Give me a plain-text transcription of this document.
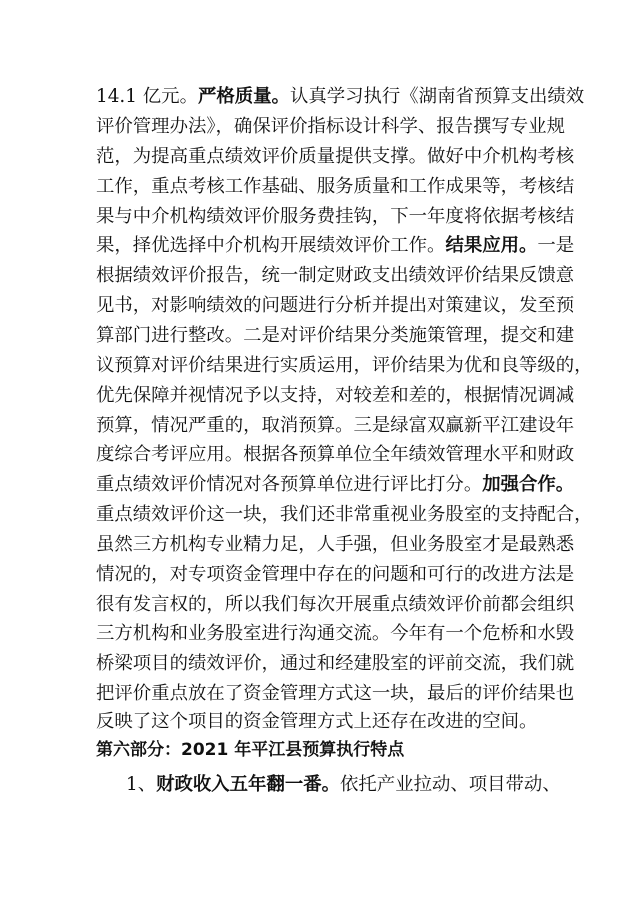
14.1 亿元。严格质量。认真学习执行《湖南省预算支出绩效
评价管理办法》，确保评价指标设计科学、报告撰写专业规
范，为提高重点绩效评价质量提供支撑。做好中介机构考核
工作，重点考核工作基础、服务质量和工作成果等，考核结
果与中介机构绩效评价服务费挂钩，下一年度将依据考核结
果，择优选择中介机构开展绩效评价工作。结果应用。一是
根据绩效评价报告，统一制定财政支出绩效评价结果反馈意
见书，对影响绩效的问题进行分析并提出对策建议，发至预
算部门进行整改。二是对评价结果分类施策管理，提交和建
议预算对评价结果进行实质运用，评价结果为优和良等级的，
优先保障并视情况予以支持，对较差和差的，根据情况调减
预算，情况严重的，取消预算。三是绿富双赢新平江建设年
度综合考评应用。根据各预算单位全年绩效管理水平和财政
重点绩效评价情况对各预算单位进行评比打分。加强合作。
重点绩效评价这一块，我们还非常重视业务股室的支持配合，
虽然三方机构专业精力足，人手强，但业务股室才是最熟悉
情况的，对专项资金管理中存在的问题和可行的改进方法是
很有发言权的，所以我们每次开展重点绩效评价前都会组织
三方机构和业务股室进行沟通交流。今年有一个危桥和水毁
桥梁项目的绩效评价，通过和经建股室的评前交流，我们就
把评价重点放在了资金管理方式这一块，最后的评价结果也
反映了这个项目的资金管理方式上还存在改进的空间。
第六部分：2021 年平江县预算执行特点
1、财政收入五年翻一番。依托产业拉动、项目带动、
